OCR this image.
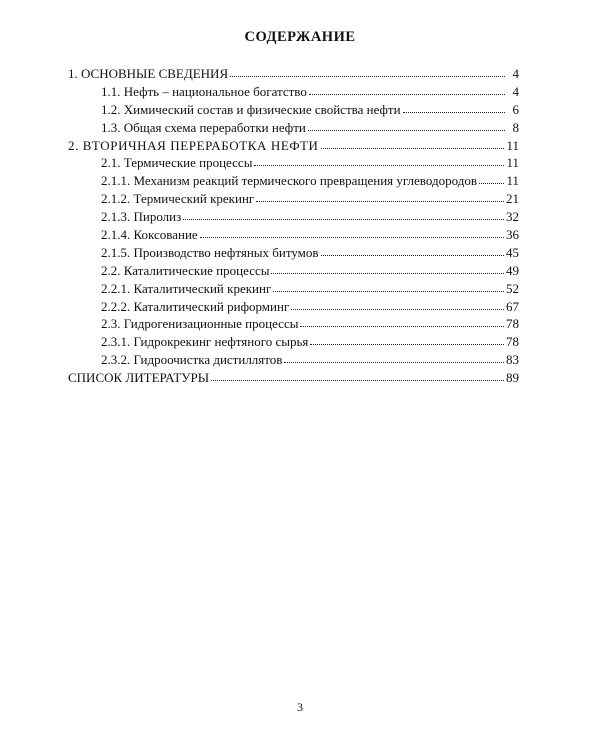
СОДЕРЖАНИЕ
1. ОСНОВНЫЕ СВЕДЕНИЯ	4
1.1. Нефть – национальное богатство	4
1.2. Химический состав и физические свойства нефти	6
1.3. Общая схема переработки нефти	8
2. ВТОРИЧНАЯ ПЕРЕРАБОТКА НЕФТИ	11
2.1. Термические процессы	11
2.1.1. Механизм реакций термического превращения углеводородов 11
2.1.2. Термический крекинг	21
2.1.3. Пиролиз	32
2.1.4. Коксование	36
2.1.5. Производство нефтяных битумов	45
2.2. Каталитические процессы	49
2.2.1. Каталитический крекинг	52
2.2.2. Каталитический риформинг	67
2.3. Гидрогенизационные процессы	78
2.3.1. Гидрокрекинг нефтяного сырья	78
2.3.2. Гидроочистка дистиллятов	83
СПИСОК ЛИТЕРАТУРЫ	89
3
